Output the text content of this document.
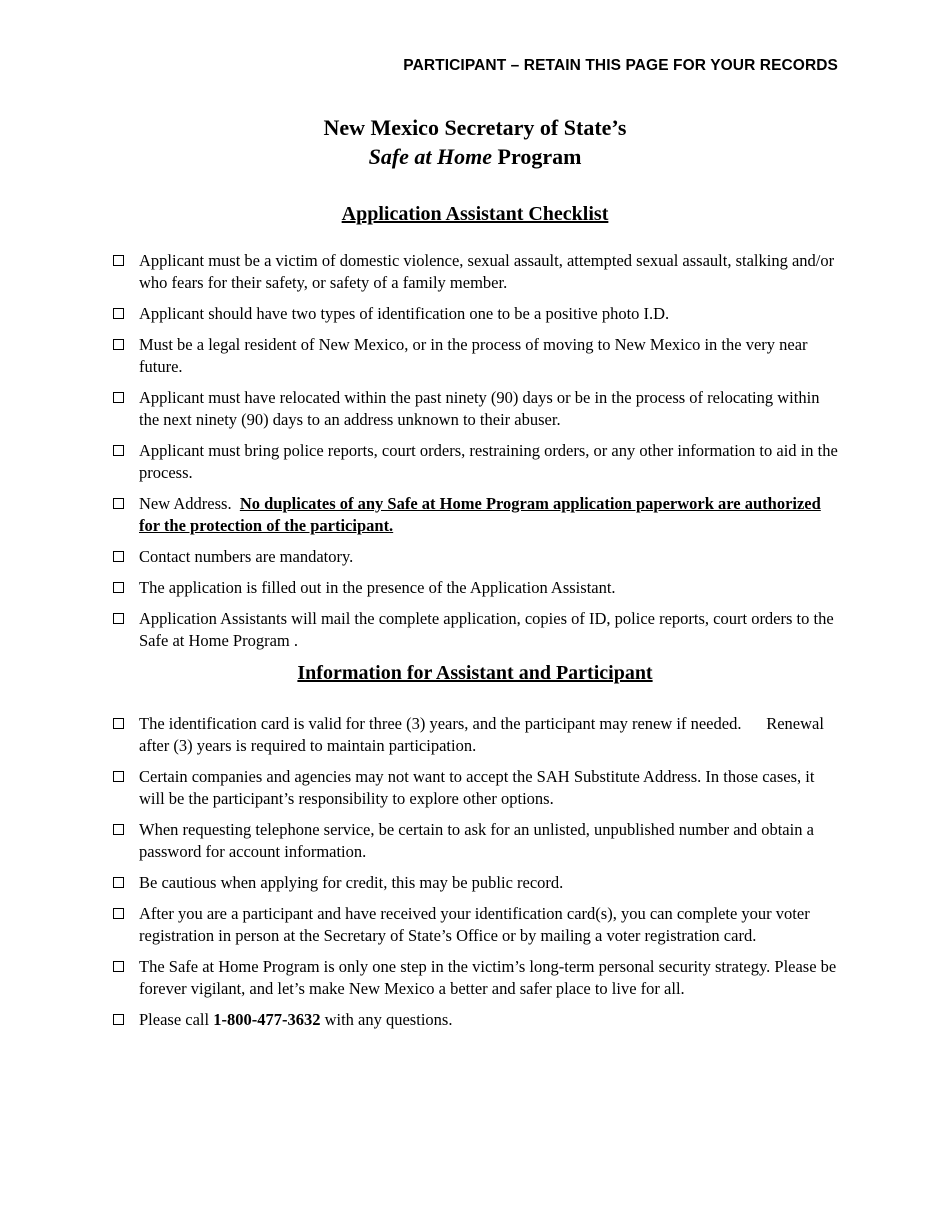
PARTICIPANT – RETAIN THIS PAGE FOR YOUR RECORDS
New Mexico Secretary of State’s
Safe at Home Program
Application Assistant Checklist
Applicant must be a victim of domestic violence, sexual assault, attempted sexual assault, stalking and/or who fears for their safety, or safety of a family member.
Applicant should have two types of identification one to be a positive photo I.D.
Must be a legal resident of New Mexico, or in the process of moving to New Mexico in the very near future.
Applicant must have relocated within the past ninety (90) days or be in the process of relocating within the next ninety (90) days to an address unknown to their abuser.
Applicant must bring police reports, court orders, restraining orders, or any other information to aid in the process.
New Address. No duplicates of any Safe at Home Program application paperwork are authorized for the protection of the participant.
Contact numbers are mandatory.
The application is filled out in the presence of the Application Assistant.
Application Assistants will mail the complete application, copies of ID, police reports, court orders to the Safe at Home Program .
Information for Assistant and Participant
The identification card is valid for three (3) years, and the participant may renew if needed. Renewal after (3) years is required to maintain participation.
Certain companies and agencies may not want to accept the SAH Substitute Address. In those cases, it will be the participant’s responsibility to explore other options.
When requesting telephone service, be certain to ask for an unlisted, unpublished number and obtain a password for account information.
Be cautious when applying for credit, this may be public record.
After you are a participant and have received your identification card(s), you can complete your voter registration in person at the Secretary of State’s Office or by mailing a voter registration card.
The Safe at Home Program is only one step in the victim’s long-term personal security strategy. Please be forever vigilant, and let’s make New Mexico a better and safer place to live for all.
Please call 1-800-477-3632 with any questions.
